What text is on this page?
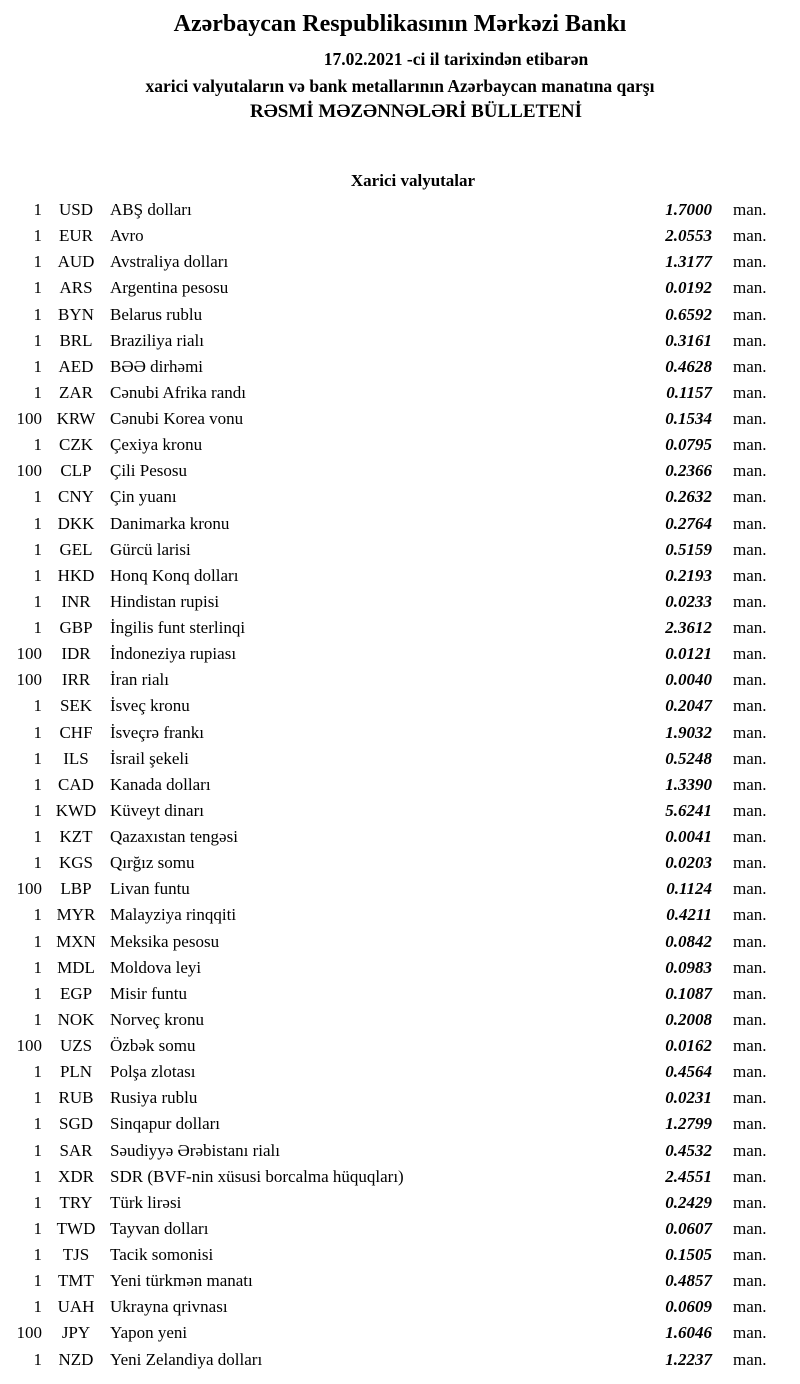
Azərbaycan Respublikasının Mərkəzi Bankı
17.02.2021 -ci il tarixindən etibarən
xarici valyutaların və bank metallarının Azərbaycan manatına qarşı
RƏSMİ MƏZƏNNƏLƏRİ BÜLLETENİ
Xarici valyutalar
1 USD	ABŞ dolları	1.7000	man.
1	EUR	Avro	2.0553	man.
1 AUD Avstraliya dolları	1.3177	man.
1	ARS	Argentina pesosu	0.0192	man.
1 BYN Belarus rublu	0.6592	man.
1	BRL	Braziliya rialı	0.3161	man.
1 AED BƏƏ dirhəmi	0.4628	man.
1	ZAR	Cənubi Afrika randı	0.1157	man.
100 KRW Cənubi Korea vonu	0.1534	man.
1	CZK	Çexiya kronu	0.0795	man.
100	CLP	Çili Pesosu	0.2366	man.
1 CNY Çin yuanı	0.2632	man.
1 DKK Danimarka kronu	0.2764	man.
1	GEL	Gürcü larisi	0.5159	man.
1 HKD Honq Konq dolları	0.2193	man.
1	INR	Hindistan rupisi	0.0233	man.
1	GBP	İngilis funt sterlinqi	2.3612	man.
100	IDR	İndoneziya rupiası	0.0121	man.
100	IRR	İran rialı	0.0040	man.
1	SEK	İsveç kronu	0.2047	man.
1	CHF	İsveçrə frankı	1.9032	man.
1	ILS	İsrail şekeli	0.5248	man.
1 CAD Kanada dolları	1.3390	man.
1 KWD Küveyt dinarı	5.6241	man.
1	KZT	Qazaxıstan tengəsi	0.0041	man.
1 KGS	Qırğız somu	0.0203	man.
100	LBP	Livan funtu	0.1124	man.
1 MYR Malayziya rinqqiti	0.4211	man.
1 MXN Meksika pesosu	0.0842	man.
1 MDL Moldova leyi	0.0983	man.
1	EGP	Misir funtu	0.1087	man.
1 NOK Norveç kronu	0.2008	man.
100	UZS	Özbək somu	0.0162	man.
1	PLN	Polşa zlotası	0.4564	man.
1 RUB Rusiya rublu	0.0231	man.
1 SGD	Sinqapur dolları	1.2799	man.
1	SAR	Səudiyyə Ərəbistanı rialı	0.4532	man.
1 XDR SDR (BVF-nin xüsusi borcalma hüquqları)	2.4551	man.
1	TRY	Türk lirəsi	0.2429	man.
1 TWD Tayvan dolları	0.0607	man.
1	TJS	Tacik somonisi	0.1505	man.
1 TMT Yeni türkmən manatı	0.4857	man.
1 UAH Ukrayna qrivnası	0.0609	man.
100	JPY	Yapon yeni	1.6046	man.
1 NZD Yeni Zelandiya dolları	1.2237	man.
